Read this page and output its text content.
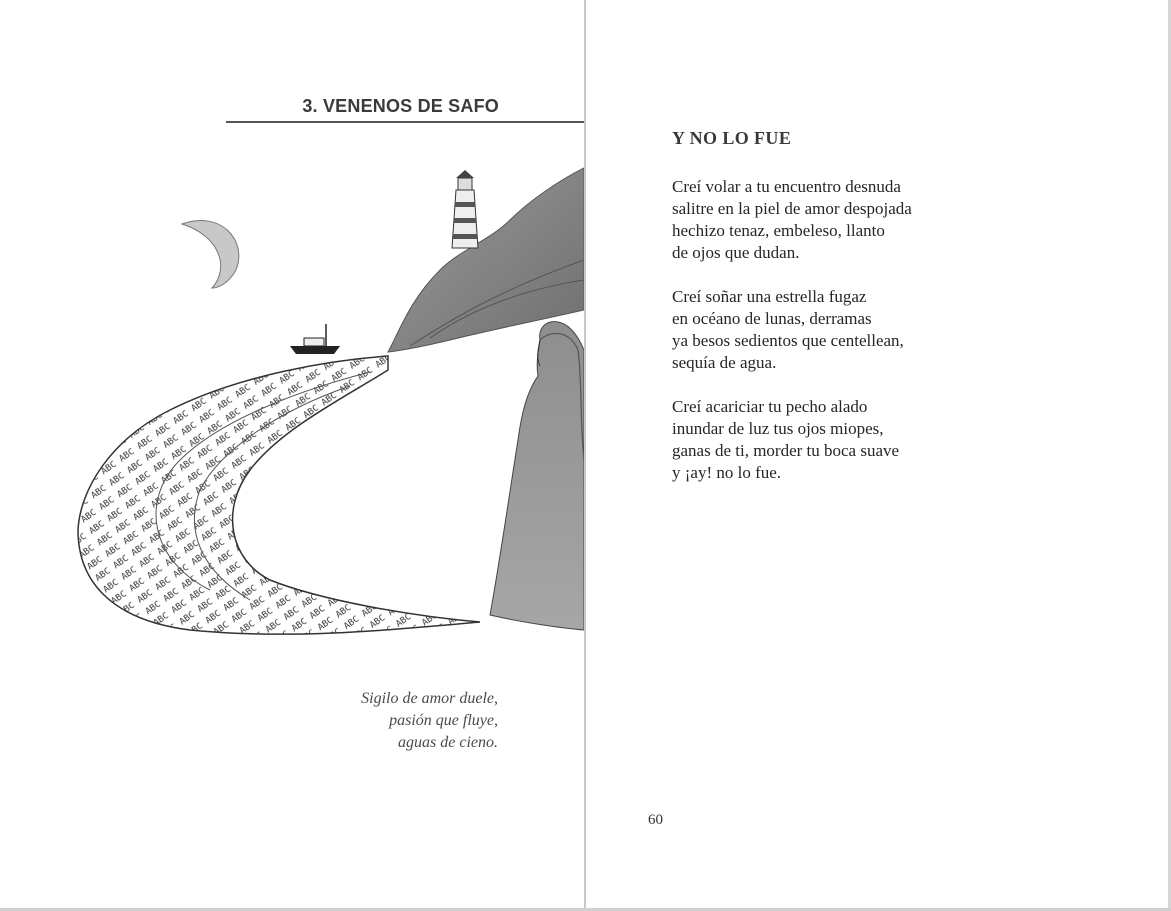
3. VENENOS DE SAFO
Sigilo de amor duele,
pasión que fluye,
aguas de cieno.
Y NO LO FUE
Creí volar a tu encuentro desnuda
salitre en la piel de amor despojada
hechizo tenaz, embeleso, llanto
de ojos que dudan.
Creí soñar una estrella fugaz
en océano de lunas, derramas
ya besos sedientos que centellean,
sequía de agua.
Creí acariciar tu pecho alado
inundar de luz tus ojos miopes,
ganas de ti, morder tu boca suave
y ¡ay! no lo fue.
60
